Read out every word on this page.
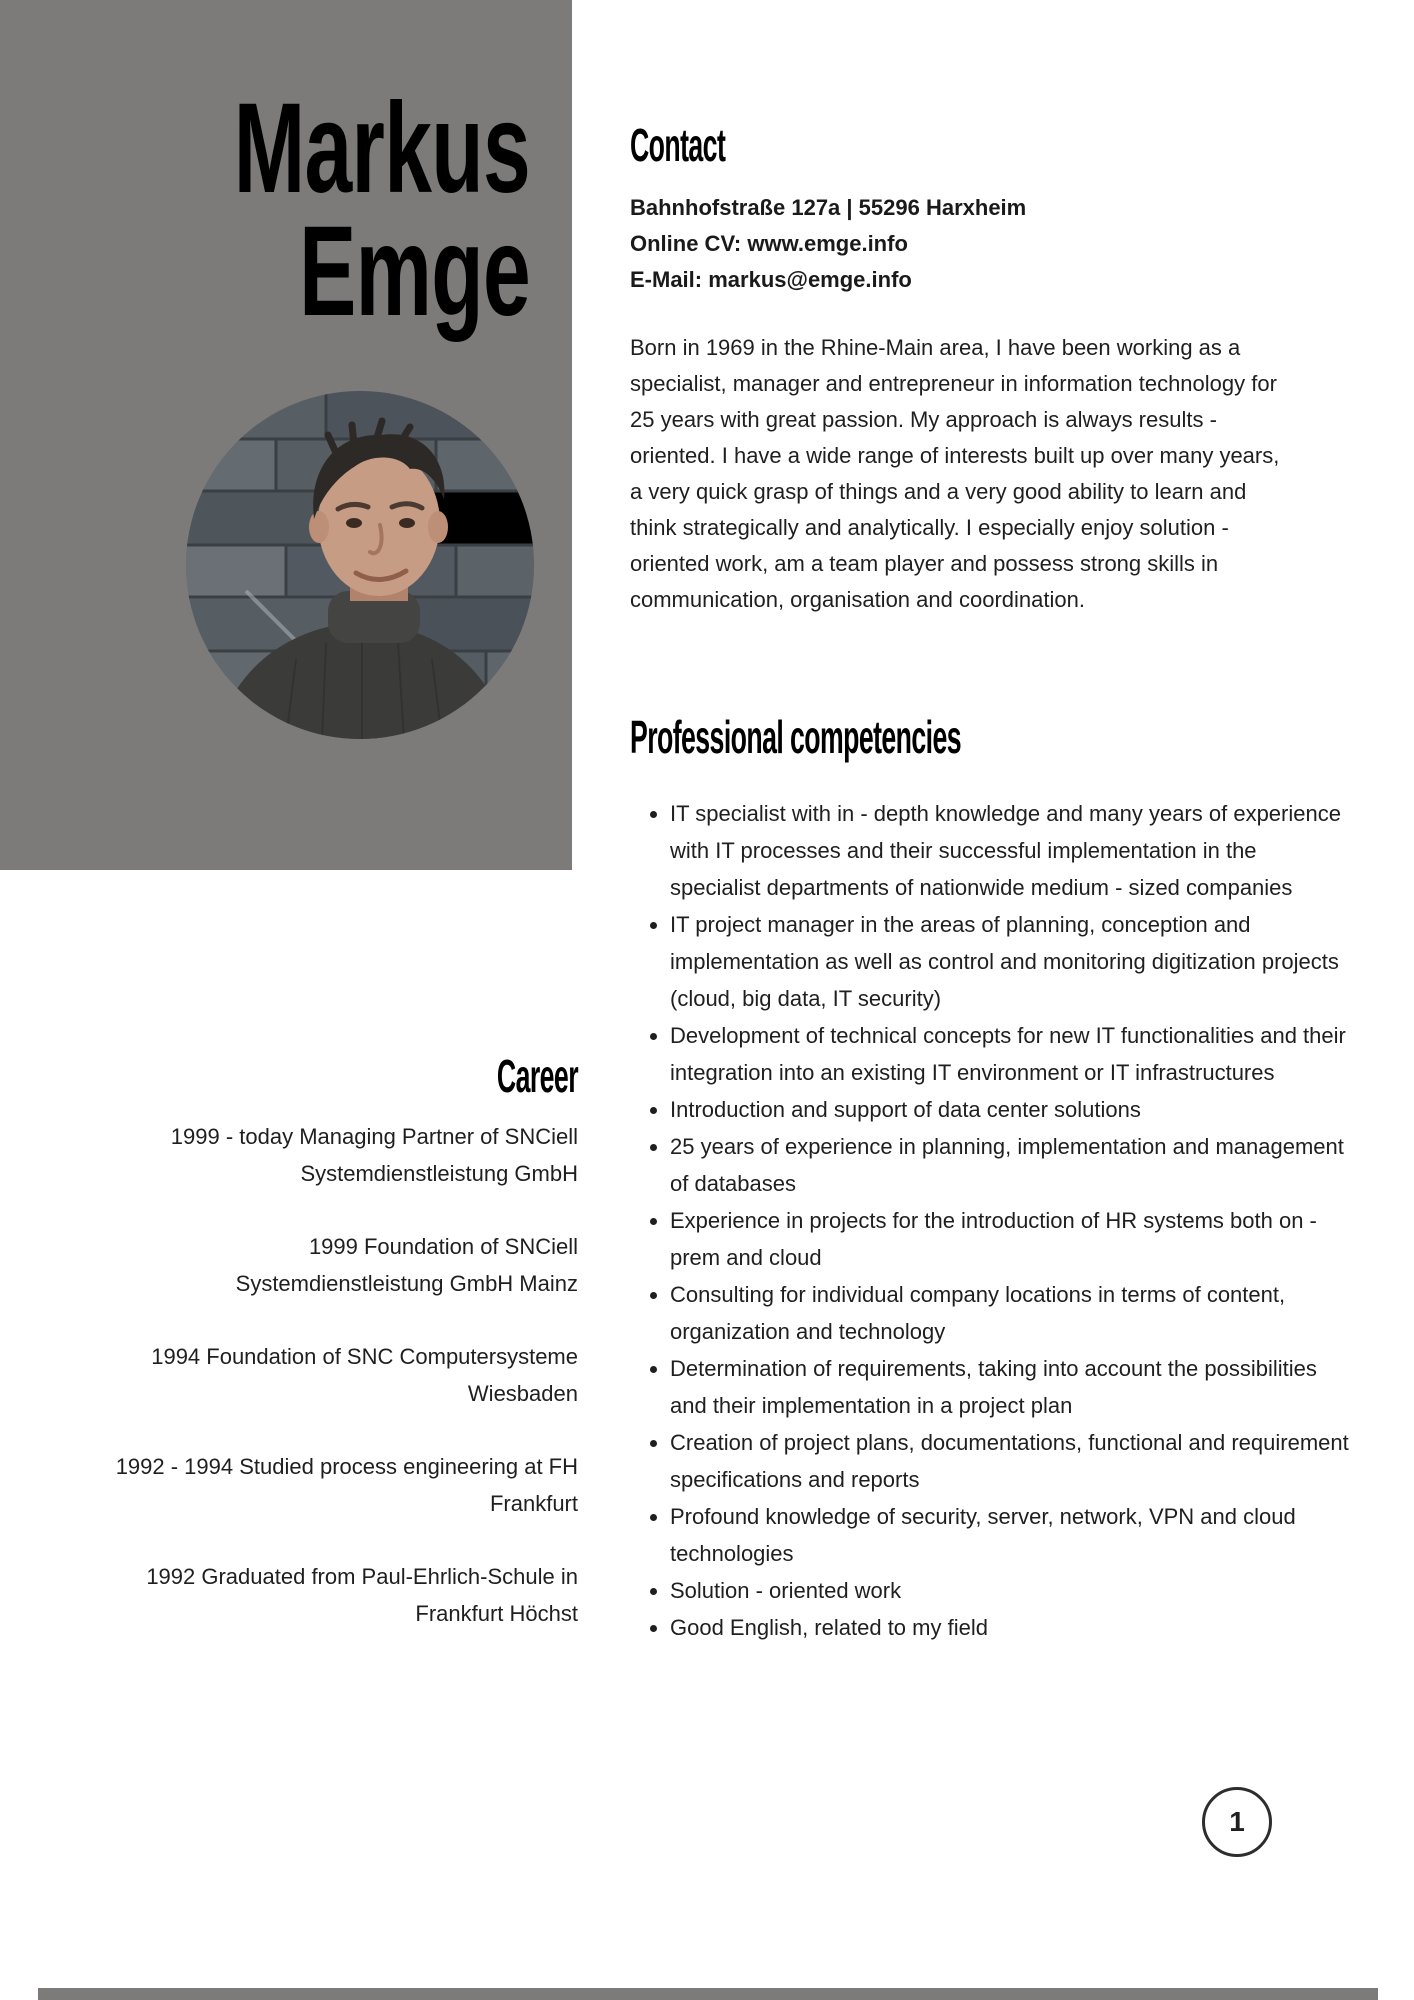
Markus
Emge
Contact
Bahnhofstraße 127a | 55296 Harxheim
Online CV: www.emge.info
E-Mail: markus@emge.info
Born in 1969 in the Rhine-Main area, I have been working as a specialist, manager and entrepreneur in information technology for 25 years with great passion. My approach is always results - oriented. I have a wide range of interests built up over many years, a very quick grasp of things and a very good ability to learn and think strategically and analytically. I especially enjoy solution - oriented work, am a team player and possess strong skills in communication, organisation and coordination.
Professional competencies
• IT specialist with in - depth knowledge and many years of experience with IT processes and their successful implementation in the specialist departments of nationwide medium - sized companies
• IT project manager in the areas of planning, conception and implementation as well as control and monitoring digitization projects (cloud, big data, IT security)
• Development of technical concepts for new IT functionalities and their integration into an existing IT environment or IT infrastructures
• Introduction and support of data center solutions
• 25 years of experience in planning, implementation and management of databases
• Experience in projects for the introduction of HR systems both on - prem and cloud
• Consulting for individual company locations in terms of content, organization and technology
• Determination of requirements, taking into account the possibilities and their implementation in a project plan
• Creation of project plans, documentations, functional and requirement specifications and reports
• Profound knowledge of security, server, network, VPN and cloud technologies
• Solution - oriented work
• Good English, related to my field
Career
1999 - today Managing Partner of SNCiell Systemdienstleistung GmbH
1999 Foundation of SNCiell Systemdienstleistung GmbH Mainz
1994 Foundation of SNC Computersysteme Wiesbaden
1992 - 1994 Studied process engineering at FH Frankfurt
1992 Graduated from Paul-Ehrlich-Schule in Frankfurt Höchst
1
